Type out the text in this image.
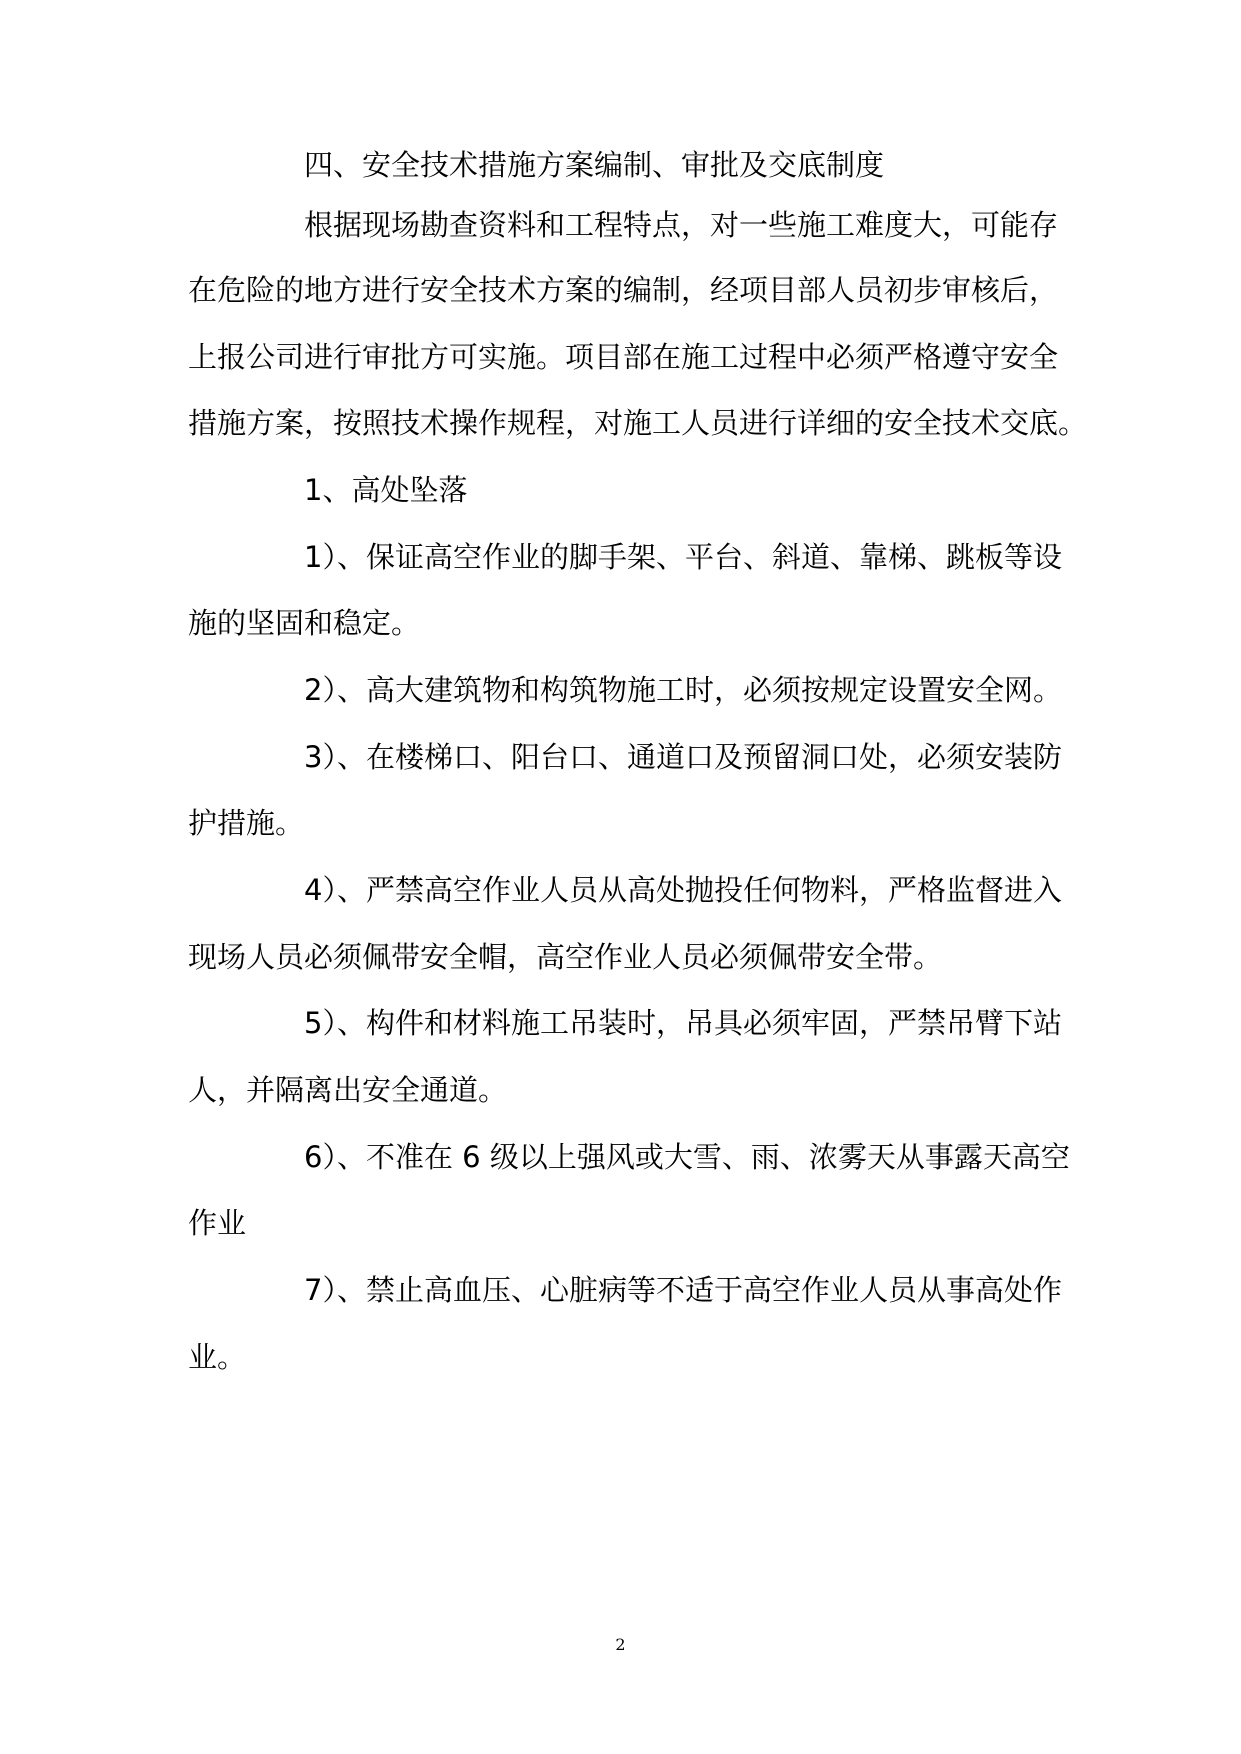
四、安全技术措施方案编制、审批及交底制度
根据现场勘查资料和工程特点，对一些施工难度大，可能存
在危险的地方进行安全技术方案的编制，经项目部人员初步审核后，
上报公司进行审批方可实施。项目部在施工过程中必须严格遵守安全
措施方案，按照技术操作规程，对施工人员进行详细的安全技术交底。
1、高处坠落
1）、保证高空作业的脚手架、平台、斜道、靠梯、跳板等设
施的坚固和稳定。
2）、高大建筑物和构筑物施工时，必须按规定设置安全网。
3）、在楼梯口、阳台口、通道口及预留洞口处，必须安装防
护措施。
4）、严禁高空作业人员从高处抛投任何物料，严格监督进入
现场人员必须佩带安全帽，高空作业人员必须佩带安全带。
5）、构件和材料施工吊装时，吊具必须牢固，严禁吊臂下站
人，并隔离出安全通道。
6）、不准在 6 级以上强风或大雪、雨、浓雾天从事露天高空
作业
7）、禁止高血压、心脏病等不适于高空作业人员从事高处作
业。
2
